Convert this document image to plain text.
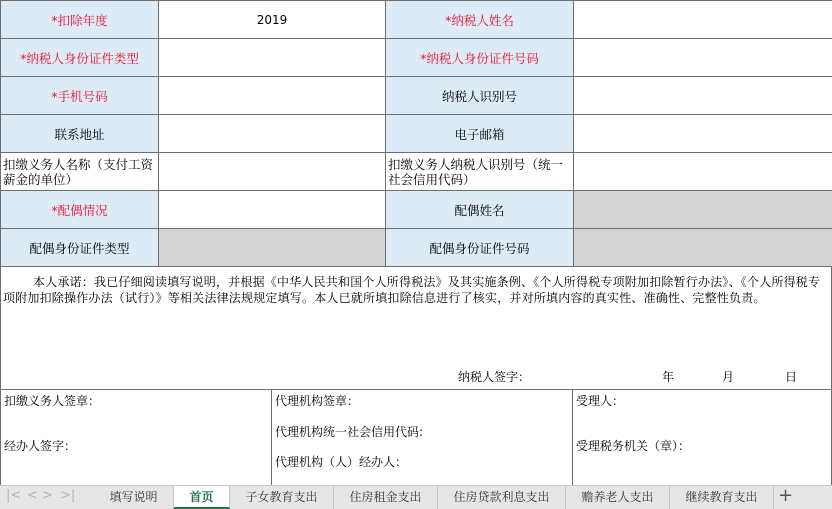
*扣除年度	2019	*纳税人姓名	
*纳税人身份证件类型		*纳税人身份证件号码	
*手机号码		纳税人识别号	
联系地址		电子邮箱	
扣缴义务人名称（支付工资薪金的单位）		扣缴义务人纳税人识别号（统一社会信用代码）	
*配偶情况		配偶姓名	
配偶身份证件类型		配偶身份证件号码	
本人承诺：我已仔细阅读填写说明，并根据《中华人民共和国个人所得税法》及其实施条例、《个人所得税专项附加扣除暂行办法》、《个人所得税专项附加扣除操作办法（试行）》等相关法律法规规定填写。本人已就所填扣除信息进行了核实，并对所填内容的真实性、准确性、完整性负责。
纳税人签字：	年	月	日
扣缴义务人签章：
经办人签字：
代理机构签章：
代理机构统一社会信用代码:
代理机构（人）经办人：
受理人：
受理税务机关（章）：
|< < > >|	填写说明	首页	子女教育支出	住房租金支出	住房贷款利息支出	赡养老人支出	继续教育支出	+
